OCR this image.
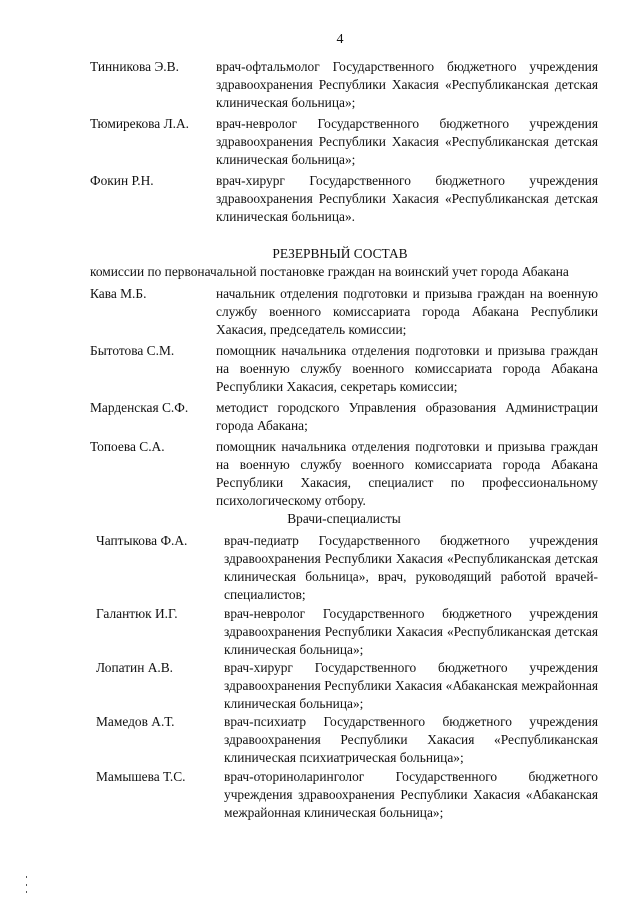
4
Тинникова Э.В.	врач-офтальмолог Государственного бюджетного учреждения здравоохранения Республики Хакасия «Республиканская детская клиническая больница»;
Тюмирекова Л.А. врач-невролог Государственного бюджетного учреждения здравоохранения Республики Хакасия «Республиканская детская клиническая больница»;
Фокин Р.Н.	врач-хирург Государственного бюджетного учреждения здравоохранения Республики Хакасия «Республиканская детская клиническая больница».
РЕЗЕРВНЫЙ СОСТАВ
комиссии по первоначальной постановке граждан на воинский учет города Абакана
Кава М.Б.	начальник отделения подготовки и призыва граждан на военную службу военного комиссариата города Абакана Республики Хакасия, председатель комиссии;
Бытотова С.М.	помощник начальника отделения подготовки и призыва граждан на военную службу военного комиссариата города Абакана Республики Хакасия, секретарь комиссии;
Марденская С.Ф. методист городского Управления образования Администрации города Абакана;
Топоева С.А.	помощник начальника отделения подготовки и призыва граждан на военную службу военного комиссариата города Абакана Республики Хакасия, специалист по профессиональному психологическому отбору.
Врачи-специалисты
Чаптыкова Ф.А.	врач-педиатр Государственного бюджетного учреждения здравоохранения Республики Хакасия «Республиканская детская клиническая больница», врач, руководящий работой врачей-специалистов;
Галантюк И.Г.	врач-невролог Государственного бюджетного учреждения здравоохранения Республики Хакасия «Республиканская детская клиническая больница»;
Лопатин А.В.	врач-хирург Государственного бюджетного учреждения здравоохранения Республики Хакасия «Абаканская межрайонная клиническая больница»;
Мамедов А.Т.	врач-психиатр Государственного бюджетного учреждения здравоохранения Республики Хакасия «Республиканская клиническая психиатрическая больница»;
Мамышева Т.С.	врач-оториноларинголог Государственного бюджетного учреждения здравоохранения Республики Хакасия «Абаканская межрайонная клиническая больница»;
